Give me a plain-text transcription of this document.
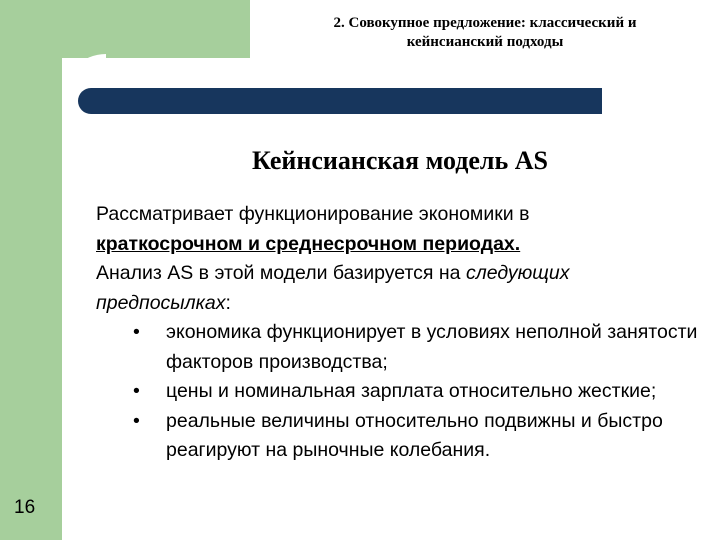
2. Совокупное предложение: классический и
кейнсианский подходы
Кейнсианская модель AS

Рассматривает функционирование экономики в
краткосрочном и среднесрочном периодах.
Анализ AS в этой модели базируется на следующих предпосылках:

• экономика функционирует в условиях неполной занятости факторов производства;
• цены и номинальная зарплата относительно жесткие;
• реальные величины относительно подвижны и быстро реагируют на рыночные колебания.
16
